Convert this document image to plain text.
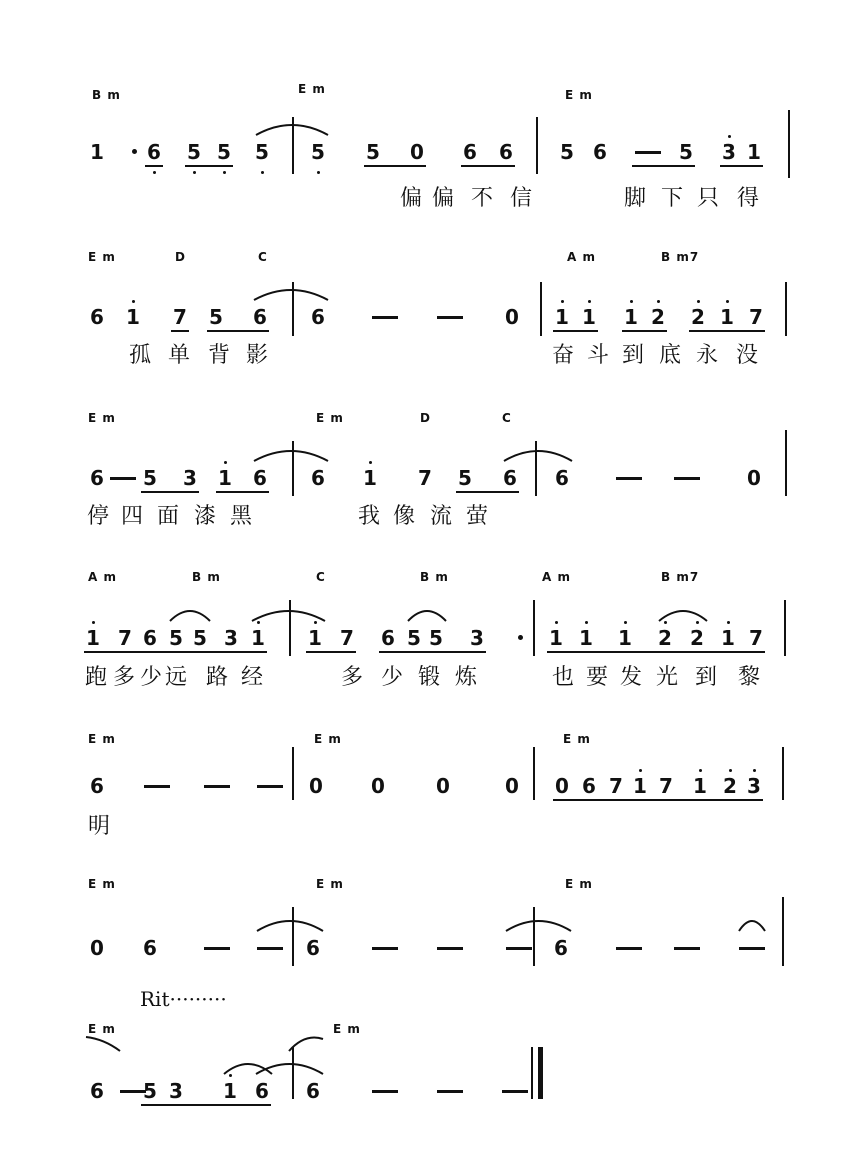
B m	E m	E m
1 6 5 5 5 5 5 0 6 6 5 6	5 3 1
偏 偏 不 信	脚 下 只 得
E m	D	C	A m	B m7
6 1 7 5 6 6	0 1 1 1 2 2 1 7
孤 单 背 影	奋 斗 到 底 永 没
E m	E m	D	C
6 5 3 1 6 6 1 7 5 6 6	0
停 四 面 漆 黑	我 像 流 萤
A m	B m	C	B m	A m	B m7
1 7 6 5 5 3 1 1 7 6 5 5 3	1 1 1 2 2 1 7
跑 多 少 远 路 经	多 少 锻 炼	也 要 发 光 到 黎
E m	E m	E m
6	0 0	0	0 0 6 7 1 7 1 2 3
明
E m	E m	E m
0 6	6	6
Rit·········
E m	E m
6 5 3 1 6 6
